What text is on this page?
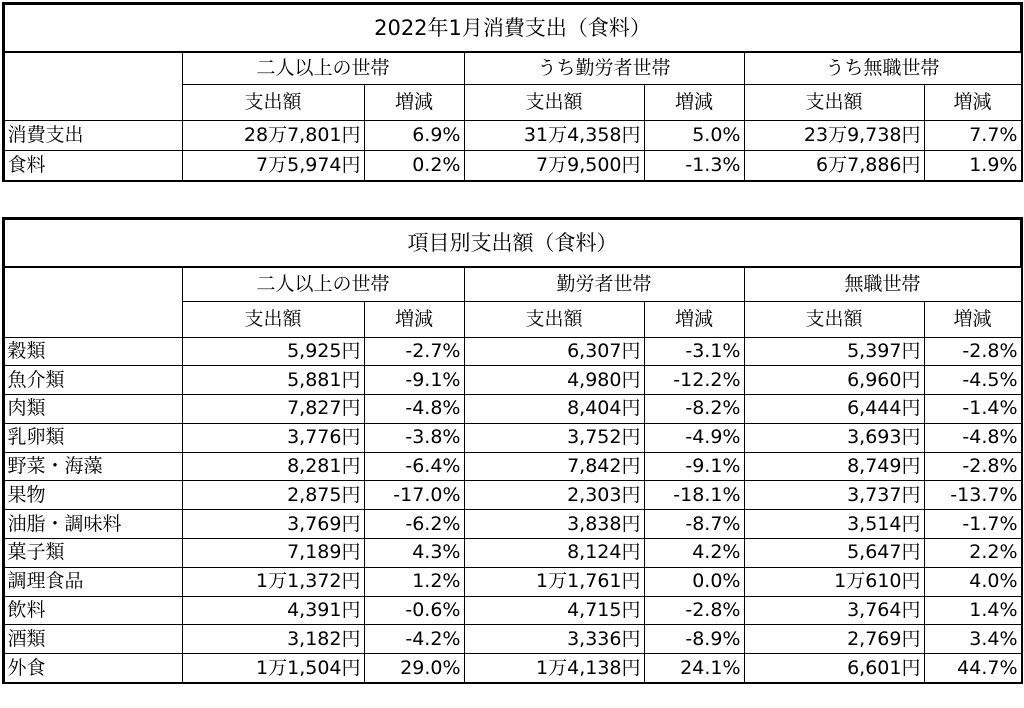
2022年1月消費支出（食料）						
	二人以上の世帯		うち勤労者世帯		うち無職世帯	
	支出額	増減	支出額	増減	支出額	増減
消費支出	28万7,801円	6.9%	31万4,358円	5.0%	23万9,738円	7.7%
食料	7万5,974円	0.2%	7万9,500円	-1.3%	6万7,886円	1.9%
項目別支出額（食料）						
	二人以上の世帯		勤労者世帯		無職世帯	
	支出額	増減	支出額	増減	支出額	増減
穀類	5,925円	-2.7%	6,307円	-3.1%	5,397円	-2.8%
魚介類	5,881円	-9.1%	4,980円	-12.2%	6,960円	-4.5%
肉類	7,827円	-4.8%	8,404円	-8.2%	6,444円	-1.4%
乳卵類	3,776円	-3.8%	3,752円	-4.9%	3,693円	-4.8%
野菜・海藻	8,281円	-6.4%	7,842円	-9.1%	8,749円	-2.8%
果物	2,875円	-17.0%	2,303円	-18.1%	3,737円	-13.7%
油脂・調味料	3,769円	-6.2%	3,838円	-8.7%	3,514円	-1.7%
菓子類	7,189円	4.3%	8,124円	4.2%	5,647円	2.2%
調理食品	1万1,372円	1.2%	1万1,761円	0.0%	1万610円	4.0%
飲料	4,391円	-0.6%	4,715円	-2.8%	3,764円	1.4%
酒類	3,182円	-4.2%	3,336円	-8.9%	2,769円	3.4%
外食	1万1,504円	29.0%	1万4,138円	24.1%	6,601円	44.7%
